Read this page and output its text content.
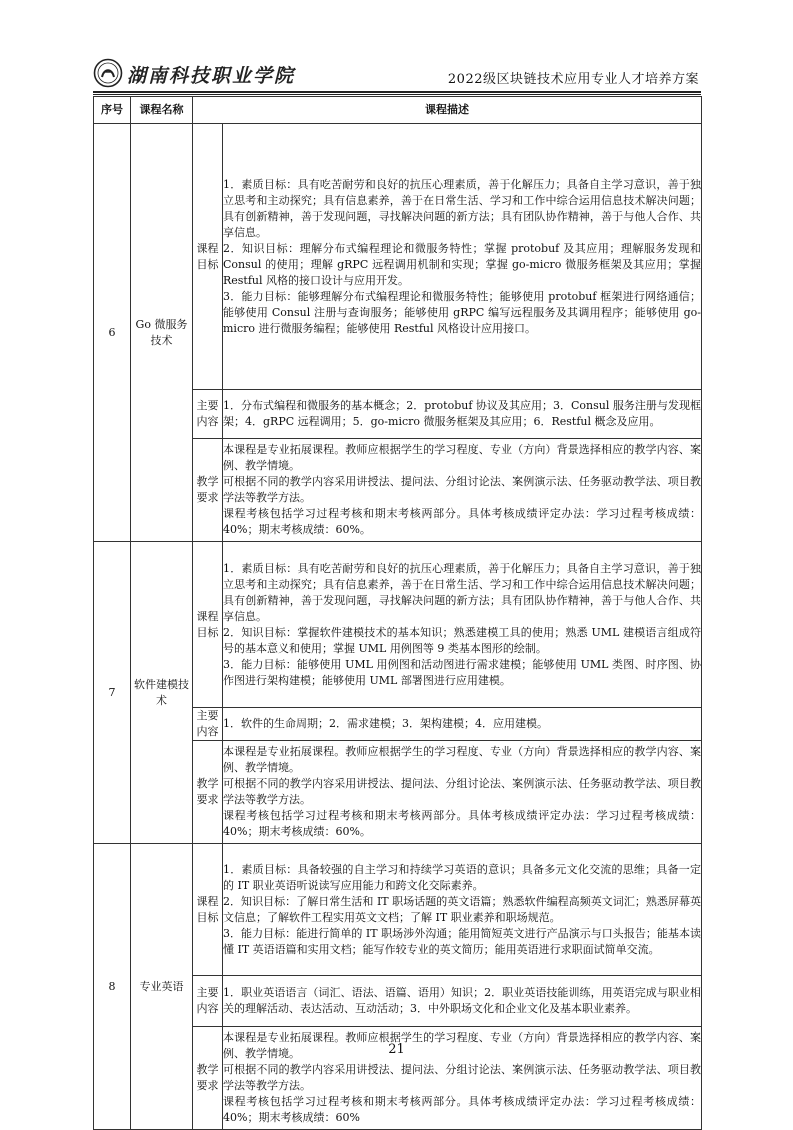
湖南科技职业学院	2022级区块链技术应用专业人才培养方案
序号	课程名称	课程描述	
6	Go 微服务技术	课程目标	1．素质目标：具有吃苦耐劳和良好的抗压心理素质，善于化解压力；具备自主学习意识，善于独立思考和主动探究；具有信息素养，善于在日常生活、学习和工作中综合运用信息技术解决问题；具有创新精神，善于发现问题，寻找解决问题的新方法；具有团队协作精神，善于与他人合作、共享信息。

2．知识目标：理解分布式编程理论和微服务特性；掌握 protobuf 及其应用；理解服务发现和 Consul 的使用；理解 gRPC 远程调用机制和实现；掌握 go-micro 微服务框架及其应用；掌握 Restful 风格的接口设计与应用开发。

3．能力目标：能够理解分布式编程理论和微服务特性；能够使用 protobuf 框架进行网络通信；能够使用 Consul 注册与查询服务；能够使用 gRPC 编写远程服务及其调用程序；能够使用 go-micro 进行微服务编程；能够使用 Restful 风格设计应用接口。

		主要内容	1．分布式编程和微服务的基本概念；2．protobuf 协议及其应用；3．Consul 服务注册与发现框架；4．gRPC 远程调用；5．go-micro 微服务框架及其应用；6．Restful 概念及应用。

		教学要求	本课程是专业拓展课程。教师应根据学生的学习程度、专业（方向）背景选择相应的教学内容、案例、教学情境。

可根据不同的教学内容采用讲授法、提问法、分组讨论法、案例演示法、任务驱动教学法、项目教学法等教学方法。

课程考核包括学习过程考核和期末考核两部分。具体考核成绩评定办法：学习过程考核成绩：40%；期末考核成绩：60%。

7	软件建模技术	课程目标	1．素质目标：具有吃苦耐劳和良好的抗压心理素质，善于化解压力；具备自主学习意识，善于独立思考和主动探究；具有信息素养，善于在日常生活、学习和工作中综合运用信息技术解决问题；具有创新精神，善于发现问题，寻找解决问题的新方法；具有团队协作精神，善于与他人合作、共享信息。

2．知识目标：掌握软件建模技术的基本知识；熟悉建模工具的使用；熟悉 UML 建模语言组成符号的基本意义和使用；掌握 UML 用例图等 9 类基本图形的绘制。

3．能力目标：能够使用 UML 用例图和活动图进行需求建模；能够使用 UML 类图、时序图、协作图进行架构建模；能够使用 UML 部署图进行应用建模。

		主要内容	1．软件的生命周期；2．需求建模；3．架构建模；4．应用建模。

		教学要求	本课程是专业拓展课程。教师应根据学生的学习程度、专业（方向）背景选择相应的教学内容、案例、教学情境。

可根据不同的教学内容采用讲授法、提问法、分组讨论法、案例演示法、任务驱动教学法、项目教学法等教学方法。

课程考核包括学习过程考核和期末考核两部分。具体考核成绩评定办法：学习过程考核成绩：40%；期末考核成绩：60%。

8	专业英语	课程目标	1．素质目标：具备较强的自主学习和持续学习英语的意识；具备多元文化交流的思维；具备一定的 IT 职业英语听说读写应用能力和跨文化交际素养。

2．知识目标：了解日常生活和 IT 职场话题的英文语篇；熟悉软件编程高频英文词汇；熟悉屏幕英文信息；了解软件工程实用英文文档；了解 IT 职业素养和职场规范。

3．能力目标：能进行简单的 IT 职场涉外沟通；能用简短英文进行产品演示与口头报告；能基本读懂 IT 英语语篇和实用文档；能写作较专业的英文简历；能用英语进行求职面试简单交流。

		主要内容	1．职业英语语言（词汇、语法、语篇、语用）知识；2．职业英语技能训练，用英语完成与职业相关的理解活动、表达活动、互动活动；3．中外职场文化和企业文化及基本职业素养。

		教学要求	本课程是专业拓展课程。教师应根据学生的学习程度、专业（方向）背景选择相应的教学内容、案例、教学情境。

可根据不同的教学内容采用讲授法、提问法、分组讨论法、案例演示法、任务驱动教学法、项目教学法等教学方法。

课程考核包括学习过程考核和期末考核两部分。具体考核成绩评定办法：学习过程考核成绩：40%；期末考核成绩：60%

21
